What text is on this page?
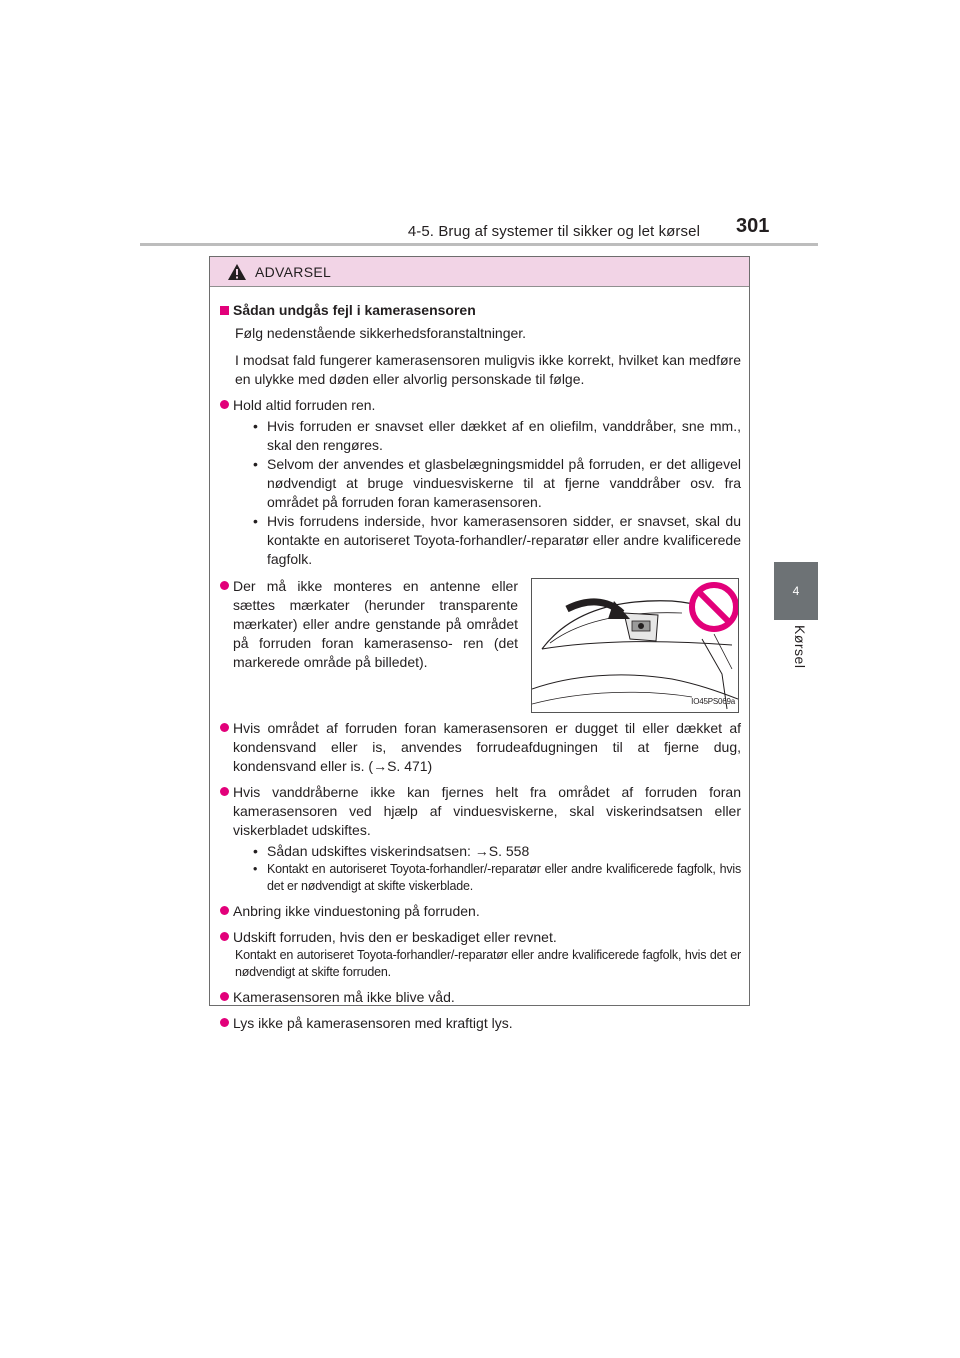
4-5. Brug af systemer til sikker og let kørsel 301
4
Kørsel
ADVARSEL
Sådan undgås fejl i kamerasensoren
Følg nedenstående sikkerhedsforanstaltninger.
I modsat fald fungerer kamerasensoren muligvis ikke korrekt, hvilket kan medføre en ulykke med døden eller alvorlig personskade til følge.
Hold altid forruden ren.
• Hvis forruden er snavset eller dækket af en oliefilm, vanddråber, sne mm., skal den rengøres.
• Selvom der anvendes et glasbelægningsmiddel på forruden, er det alligevel nødvendigt at bruge vinduesviskerne til at fjerne vanddråber osv. fra området på forruden foran kamerasensoren.
• Hvis forrudens inderside, hvor kamerasensoren sidder, er snavset, skal du kontakte en autoriseret Toyota-forhandler/-reparatør eller andre kvalificerede fagfolk.
Der må ikke monteres en antenne eller sættes mærkater (herunder transparente mærkater) eller andre genstande på området på forruden foran kamerasenso- ren (det markerede område på billedet).
IO45PS069a
Hvis området af forruden foran kamerasensoren er dugget til eller dækket af kondensvand eller is, anvendes forrudeafdugningen til at fjerne dug, kondensvand eller is. (→S. 471)
Hvis vanddråberne ikke kan fjernes helt fra området af forruden foran kamerasensoren ved hjælp af vinduesviskerne, skal viskerindsatsen eller viskerbladet udskiftes.
• Sådan udskiftes viskerindsatsen: →S. 558
• Kontakt en autoriseret Toyota-forhandler/-reparatør eller andre kvalificerede fagfolk, hvis det er nødvendigt at skifte viskerblade.
Anbring ikke vinduestoning på forruden.
Udskift forruden, hvis den er beskadiget eller revnet.
Kontakt en autoriseret Toyota-forhandler/-reparatør eller andre kvalificerede fagfolk, hvis det er nødvendigt at skifte forruden.
Kamerasensoren må ikke blive våd.
Lys ikke på kamerasensoren med kraftigt lys.
